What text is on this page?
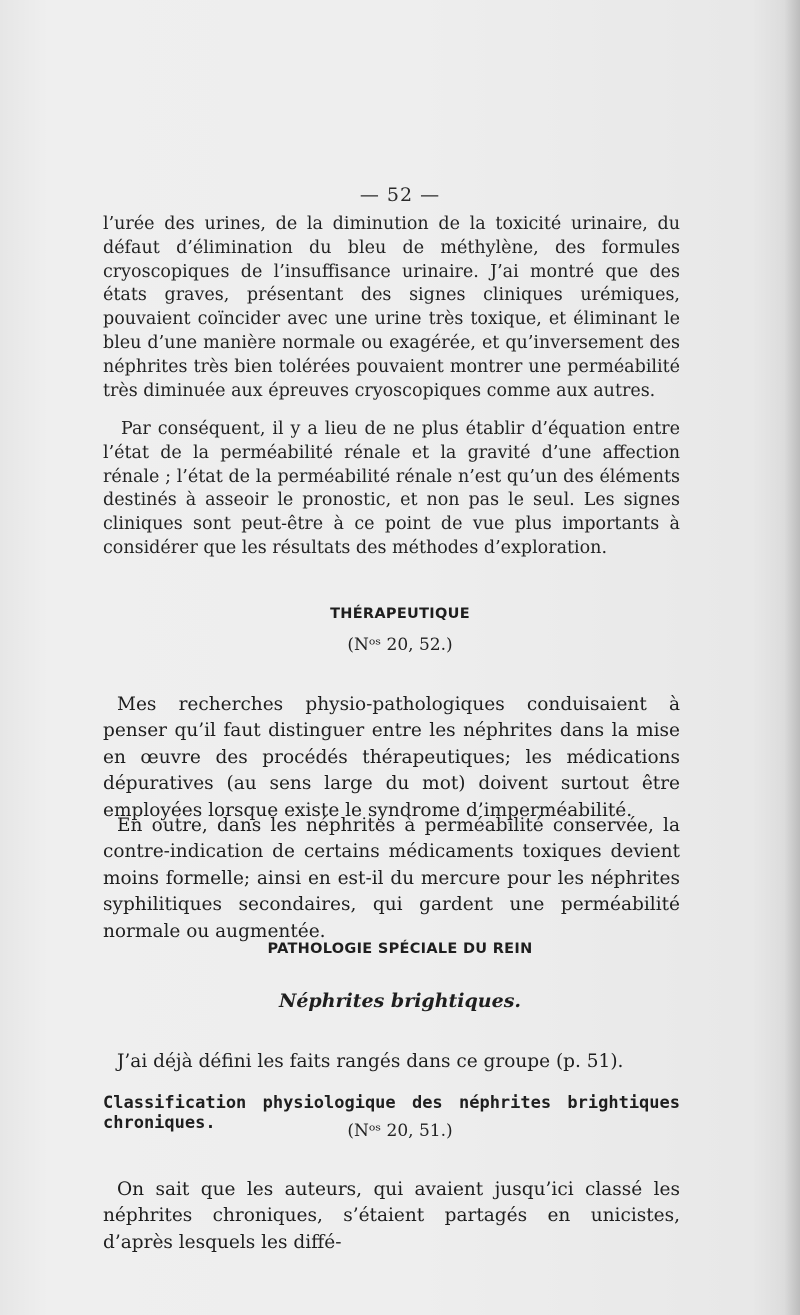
— 52 —

l’urée des urines, de la diminution de la toxicité urinaire, du défaut d’élimination du bleu de méthylène, des formules cryoscopiques de l’insuffisance urinaire. J’ai montré que des états graves, présentant des signes cliniques urémiques, pouvaient coïncider avec une urine très toxique, et éliminant le bleu d’une manière normale ou exagérée, et qu’inversement des néphrites très bien tolérées pouvaient montrer une perméabilité très diminuée aux épreuves cryoscopiques comme aux autres.

Par conséquent, il y a lieu de ne plus établir d’équation entre l’état de la perméabilité rénale et la gravité d’une affection rénale ; l’état de la perméabilité rénale n’est qu’un des éléments destinés à asseoir le pronostic, et non pas le seul. Les signes cliniques sont peut-être à ce point de vue plus importants à considérer que les résultats des méthodes d’exploration.

THÉRAPEUTIQUE
(Nᵒˢ 20, 52.)

Mes recherches physio-pathologiques conduisaient à penser qu’il faut distinguer entre les néphrites dans la mise en œuvre des procédés thérapeutiques; les médications dépuratives (au sens large du mot) doivent surtout être employées lorsque existe le syndrome d’imperméabilité.

En outre, dans les néphrites à perméabilité conservée, la contre-indication de certains médicaments toxiques devient moins formelle; ainsi en est-il du mercure pour les néphrites syphilitiques secondaires, qui gardent une perméabilité normale ou augmentée.

PATHOLOGIE SPÉCIALE DU REIN
Néphrites brightiques.

J’ai déjà défini les faits rangés dans ce groupe (p. 51).

Classification physiologique des néphrites brightiques chroniques.	(Nᵒˢ 20, 51.)

On sait que les auteurs, qui avaient jusqu’ici classé les néphrites chroniques, s’étaient partagés en unicistes, d’après lesquels les diffé-
